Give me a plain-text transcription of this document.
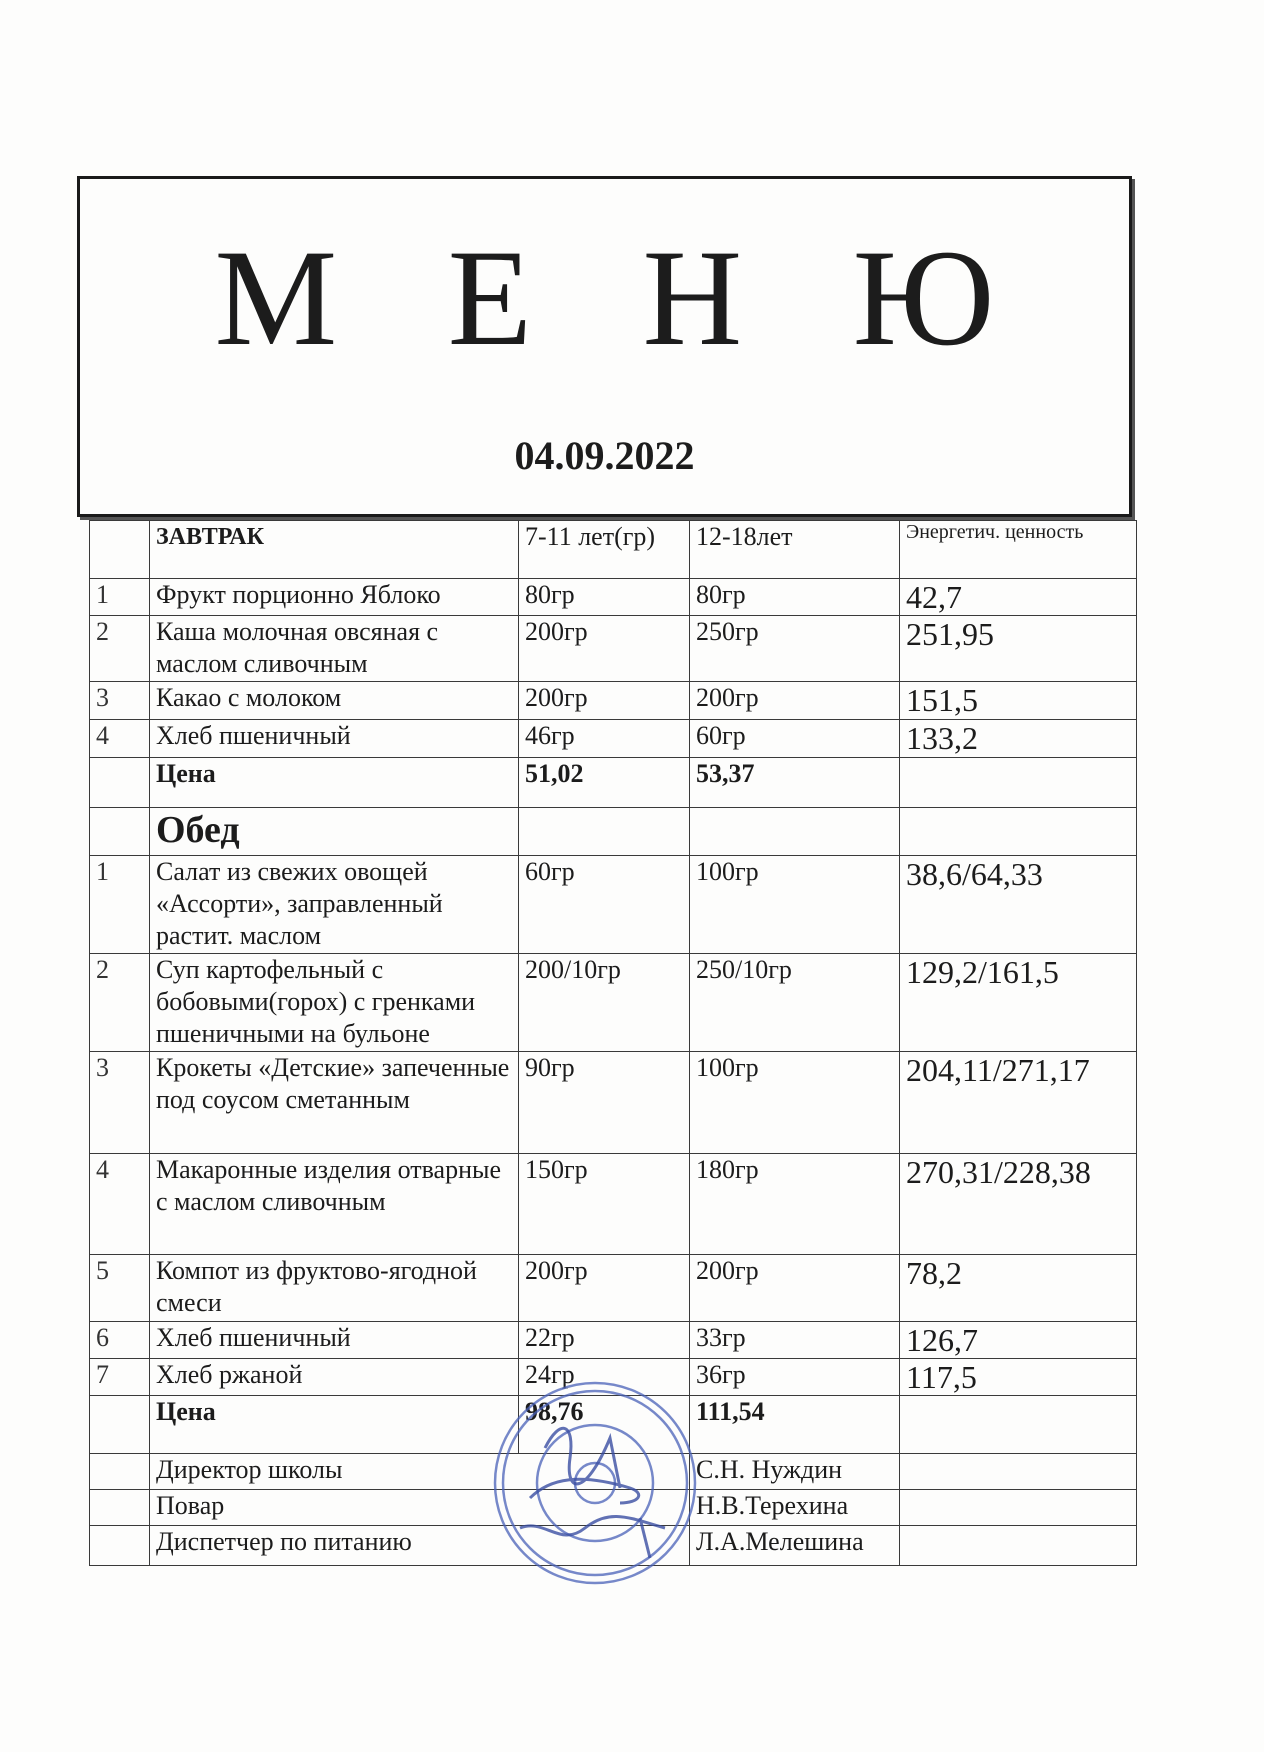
М Е Н Ю
04.09.2022
	ЗАВТРАК	7-11 лет(гр)	12-18лет	Энергетич. ценность
1	Фрукт порционно Яблоко	80гр	80гр	42,7
2	Каша молочная овсяная с маслом сливочным	200гр	250гр	251,95
3	Какао с молоком	200гр	200гр	151,5
4	Хлеб пшеничный	46гр	60гр	133,2
	Цена	51,02	53,37	
	Обед			
1	Салат из свежих овощей «Ассорти», заправленный растит. маслом	60гр	100гр	38,6/64,33
2	Суп картофельный с бобовыми(горох) с гренками пшеничными на бульоне	200/10гр	250/10гр	129,2/161,5
3	Крокеты «Детские» запеченные под соусом сметанным	90гр	100гр	204,11/271,17
4	Макаронные изделия отварные с маслом сливочным	150гр	180гр	270,31/228,38
5	Компот из фруктово-ягодной смеси	200гр	200гр	78,2
6	Хлеб пшеничный	22гр	33гр	126,7
7	Хлеб ржаной	24гр	36гр	117,5
	Цена	98,76	111,54	
	Директор школы		С.Н. Нуждин	
	Повар		Н.В.Терехина	
	Диспетчер по питанию		Л.А.Мелешина	
